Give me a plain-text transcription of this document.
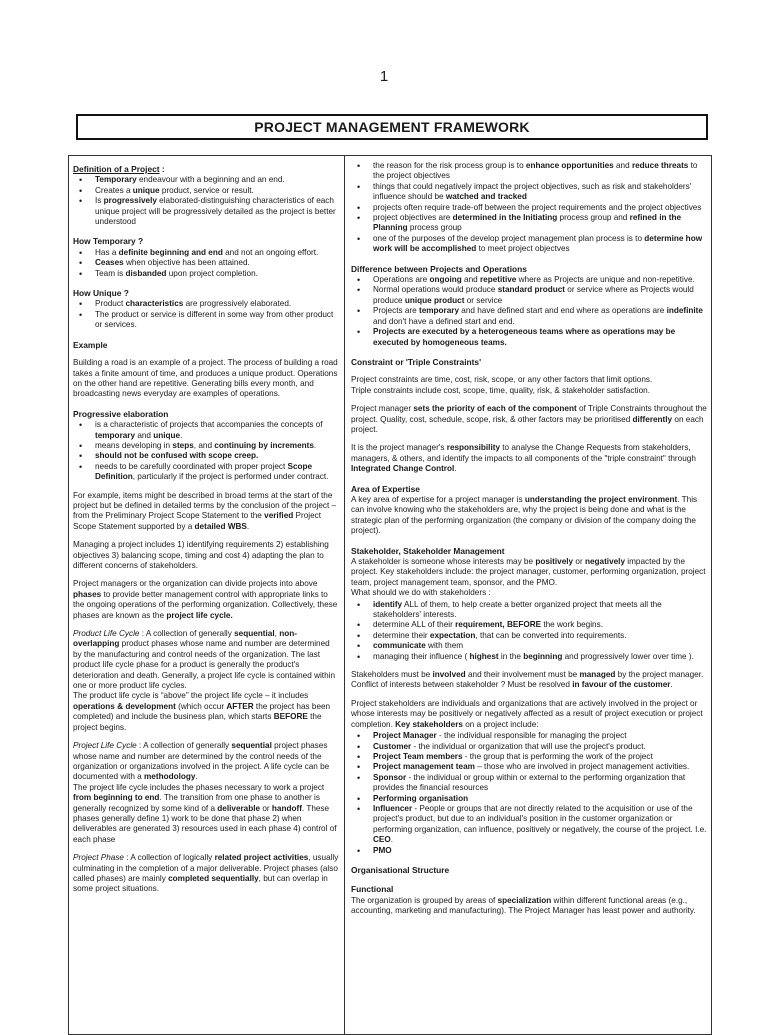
1
PROJECT MANAGEMENT FRAMEWORK
Definition of a Project :
• Temporary endeavour with a beginning and an end.
• Creates a unique product, service or result.
• Is progressively elaborated-distinguishing characteristics of each unique project will be progressively detailed as the project is better understood
How Temporary ?
• Has a definite beginning and end and not an ongoing effort.
• Ceases when objective has been attained.
• Team is disbanded upon project completion.
How Unique ?
• Product characteristics are progressively elaborated.
• The product or service is different in some way from other product or services.
Example
Building a road is an example of a project. The process of building a road takes a finite amount of time, and produces a unique product. Operations on the other hand are repetitive. Generating bills every month, and broadcasting news everyday are examples of operations.
Progressive elaboration
• is a characteristic of projects that accompanies the concepts of temporary and unique.
• means developing in steps, and continuing by increments.
• should not be confused with scope creep.
• needs to be carefully coordinated with proper project Scope Definition, particularly if the project is performed under contract.
For example, items might be described in broad terms at the start of the project but be defined in detailed terms by the conclusion of the project – from the Preliminary Project Scope Statement to the verified Project Scope Statement supported by a detailed WBS.
Managing a project includes 1) identifying requirements 2) establishing objectives 3) balancing scope, timing and cost 4) adapting the plan to different concerns of stakeholders.
Project managers or the organization can divide projects into above phases to provide better management control with appropriate links to the ongoing operations of the performing organization. Collectively, these phases are known as the project life cycle.
Product Life Cycle : A collection of generally sequential, non-overlapping product phases whose name and number are determined by the manufacturing and control needs of the organization. The last product life cycle phase for a product is generally the product's deterioration and death. Generally, a project life cycle is contained within one or more product life cycles.
The product life cycle is “above” the project life cycle – it includes operations & development (which occur AFTER the project has been completed) and include the business plan, which starts BEFORE the project begins.
Project Life Cycle : A collection of generally sequential project phases whose name and number are determined by the control needs of the organization or organizations involved in the project. A life cycle can be documented with a methodology.
The project life cycle includes the phases necessary to work a project from beginning to end. The transition from one phase to another is generally recognized by some kind of a deliverable or handoff. These phases generally define 1) work to be done that phase 2) when deliverables are generated 3) resources used in each phase 4) control of each phase
Project Phase : A collection of logically related project activities, usually culminating in the completion of a major deliverable. Project phases (also called phases) are mainly completed sequentially, but can overlap in some project situations.
• the reason for the risk process group is to enhance opportunities and reduce threats to the project objectives
• things that could negatively impact the project objectives, such as risk and stakeholders' influence should be watched and tracked
• projects often require trade-off between the project requirements and the project objectives
• project objectives are determined in the Initiating process group and refined in the Planning process group
• one of the purposes of the develop project management plan process is to determine how work will be accomplished to meet project objectves
Difference between Projects and Operations
• Operations are ongoing and repetitive where as Projects are unique and non-repetitive.
• Normal operations would produce standard product or service where as Projects would produce unique product or service
• Projects are temporary and have defined start and end where as operations are indefinite and don't have a defined start and end.
• Projects are executed by a heterogeneous teams where as operations may be executed by homogeneous teams.
Constraint or 'Triple Constraints'
Project constraints are time, cost, risk, scope, or any other factors that limit options.
Triple constraints include cost, scope, time, quality, risk, & stakeholder satisfaction.
Project manager sets the priority of each of the component of Triple Constraints throughout the project. Quality, cost, schedule, scope, risk, & other factors may be prioritised differently on each project.
It is the project manager's responsibility to analyse the Change Requests from stakeholders, managers, & others, and identify the impacts to all components of the "triple constraint" through Integrated Change Control.
Area of Expertise
A key area of expertise for a project manager is understanding the project environment. This can involve knowing who the stakeholders are, why the project is being done and what is the strategic plan of the performing organization (the company or division of the company doing the project).
Stakeholder, Stakeholder Management
A stakeholder is someone whose interests may be positively or negatively impacted by the project. Key stakeholders include: the project manager, customer, performing organization, project team, project management team, sponsor, and the PMO.
What should we do with stakeholders :
• identify ALL of them, to help create a better organized project that meets all the stakeholders' interests.
• determine ALL of their requirement, BEFORE the work begins.
• determine their expectation, that can be converted into requirements.
• communicate with them
• managing their influence ( highest in the beginning and progressively lower over time ).
Stakeholders must be involved and their involvement must be managed by the project manager. Conflict of interests between stakeholder ? Must be resolved in favour of the customer.
Project stakeholders are individuals and organizations that are actively involved in the project or whose interests may be positively or negatively affected as a result of project execution or project completion. Key stakeholders on a project include:
• Project Manager - the individual responsible for managing the project
• Customer - the individual or organization that will use the project's product.
• Project Team members - the group that is performing the work of the project
• Project management team – those who are involved in project management activities.
• Sponsor - the individual or group within or external to the performing organization that provides the financial resources
• Performing organisation
• Influencer - People or groups that are not directly related to the acquisition or use of the project's product, but due to an individual's position in the customer organization or performing organization, can influence, positively or negatively, the course of the project. I.e. CEO.
• PMO
Organisational Structure
Functional
The organization is grouped by areas of specialization within different functional areas (e.g., accounting, marketing and manufacturing). The Project Manager has least power and authority.
